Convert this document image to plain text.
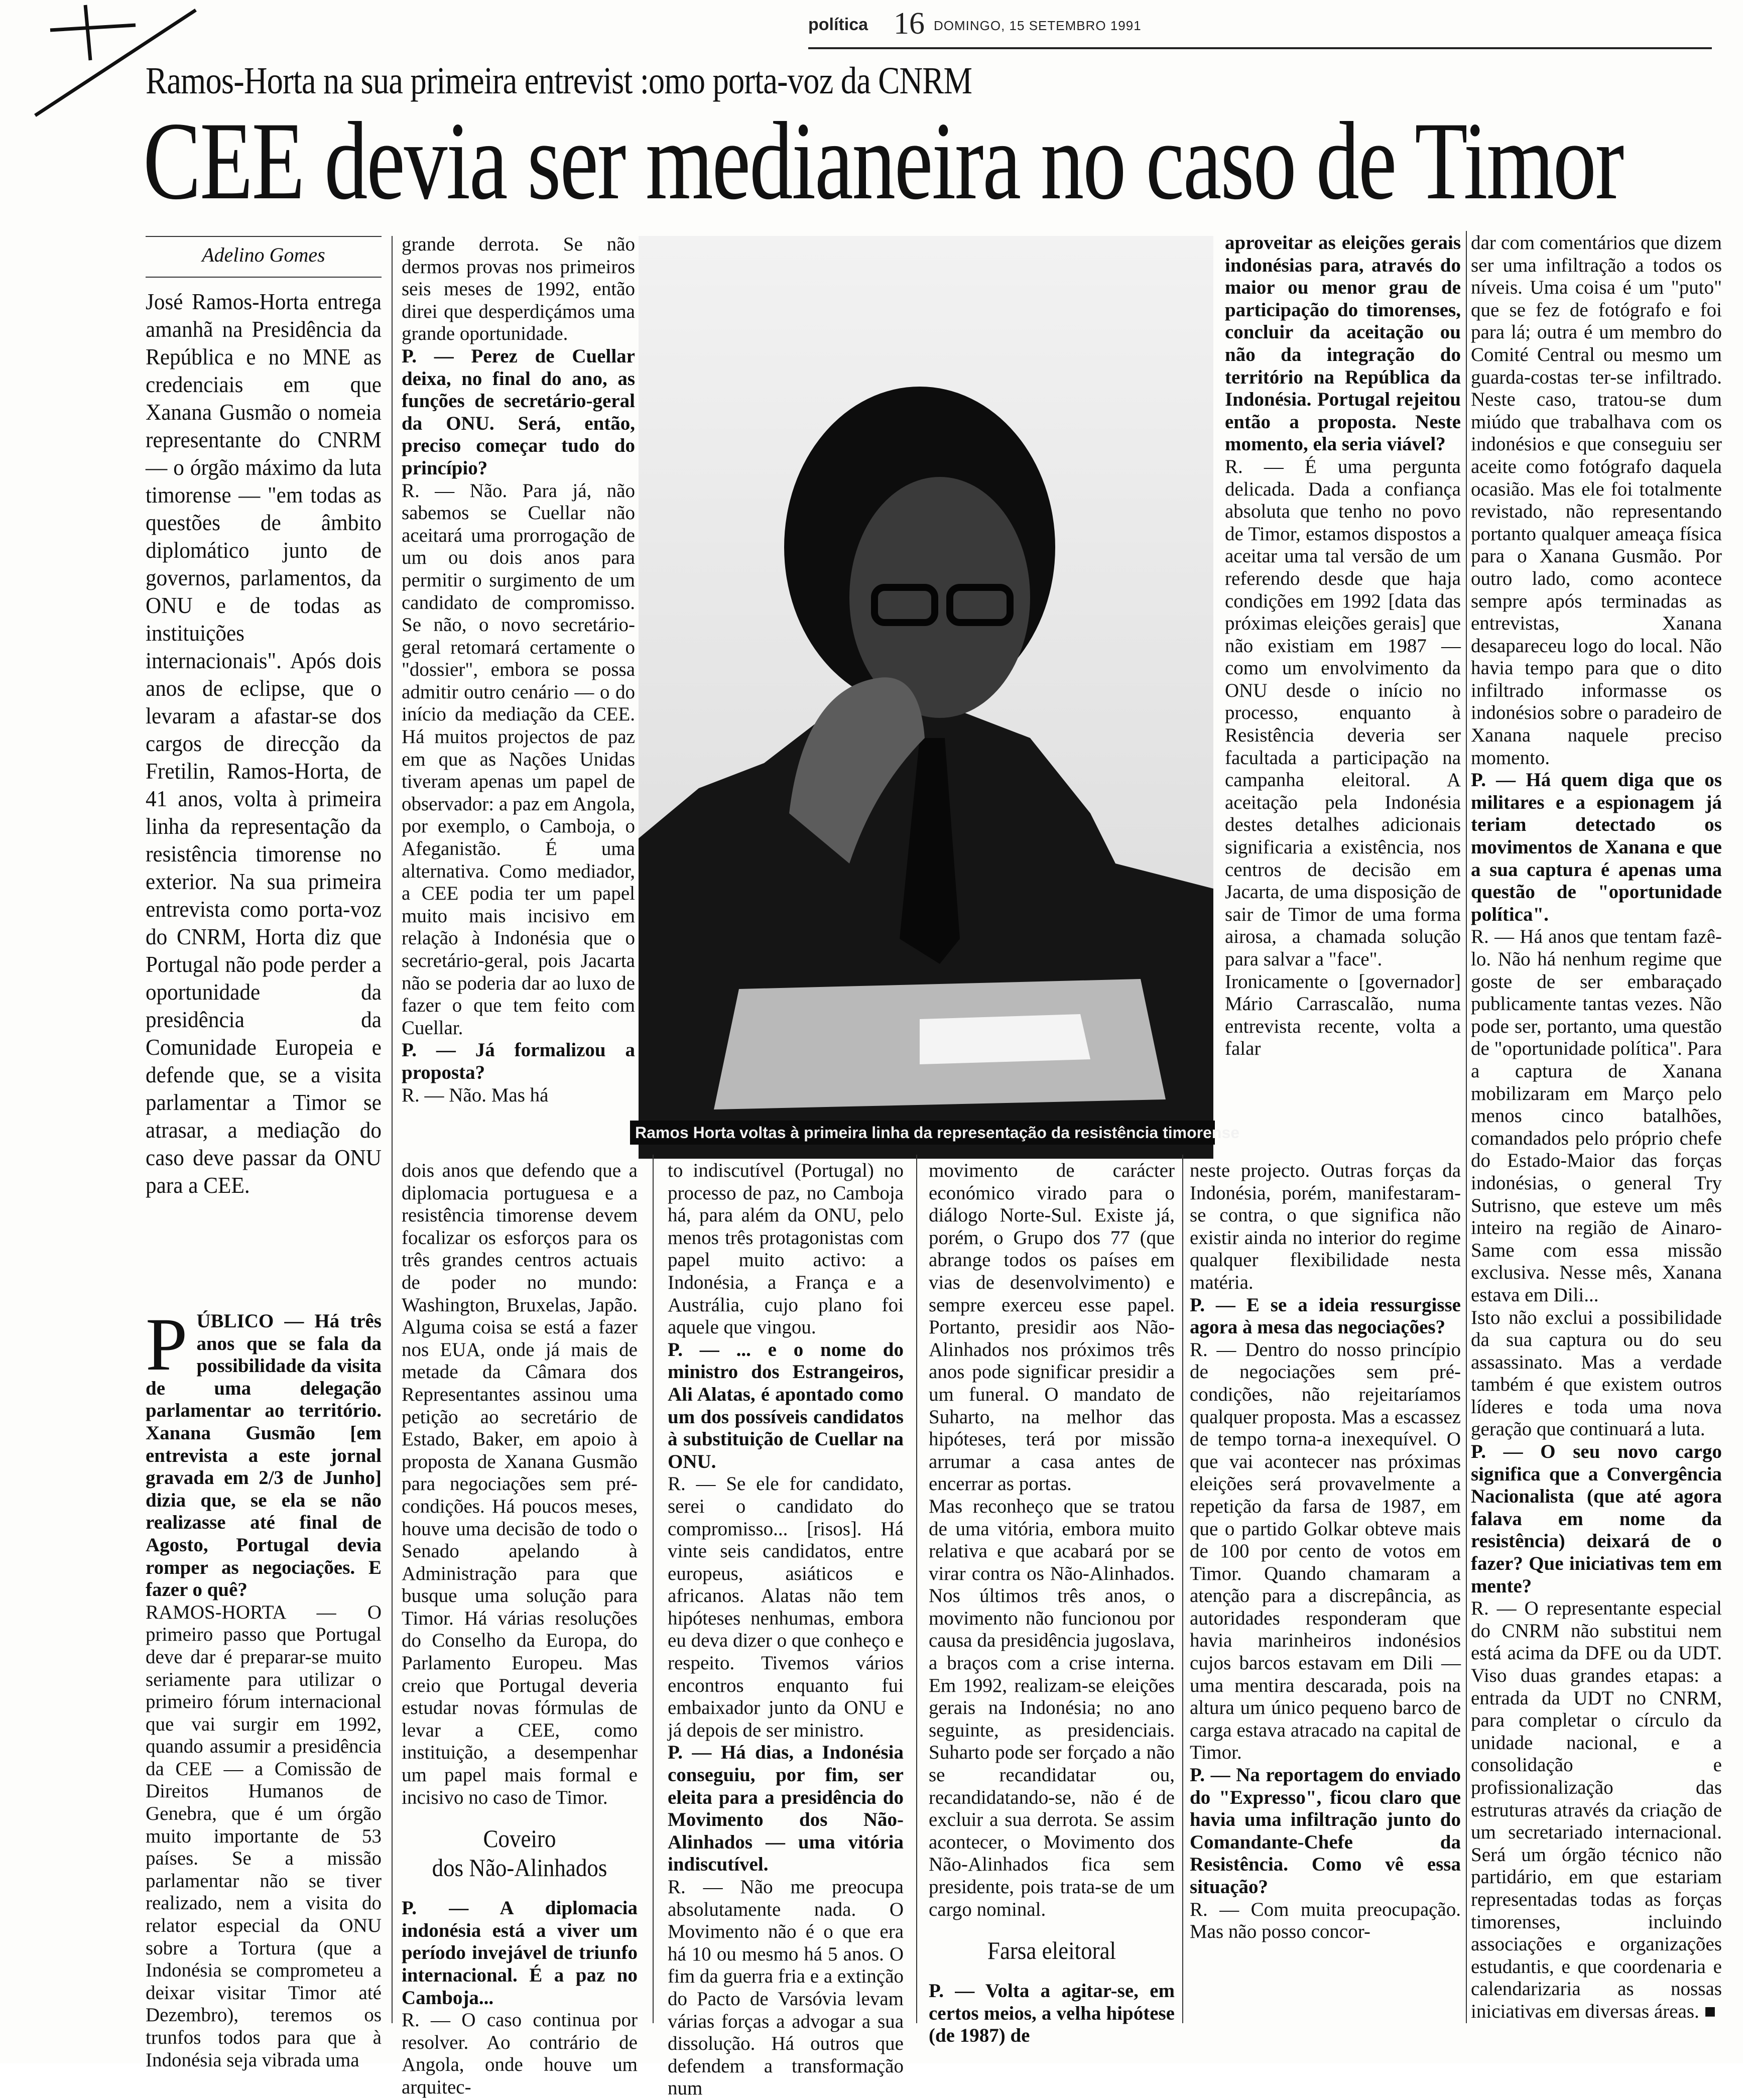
política 16 DOMINGO, 15 SETEMBRO 1991
Ramos-Horta na sua primeira entrevist :omo porta-voz da CNRM
CEE devia ser medianeira no caso de Timor
Adelino Gomes

José Ramos-Horta entrega amanhã na Presidência da República e no MNE as credenciais em que Xanana Gusmão o nomeia representante do CNRM — o órgão máximo da luta timorense — "em todas as questões de âmbito diplomático junto de governos, parlamentos, da ONU e de todas as instituições internacionais". Após dois anos de eclipse, que o levaram a afastar-se dos cargos de direcção da Fretilin, Ramos-Horta, de 41 anos, volta à primeira linha da representação da resistência timorense no exterior. Na sua primeira entrevista como porta-voz do CNRM, Horta diz que Portugal não pode perder a oportunidade da presidência da Comunidade Europeia e defende que, se a visita parlamentar a Timor se atrasar, a mediação do caso deve passar da ONU para a CEE.

grande derrota. Se não dermos provas nos primeiros seis meses de 1992, então direi que desperdiçámos uma grande oportunidade.

P. — Perez de Cuellar deixa, no final do ano, as funções de secretário-geral da ONU. Será, então, preciso começar tudo do princípio?

R. — Não. Para já, não sabemos se Cuellar não aceitará uma prorrogação de um ou dois anos para permitir o surgimento de um candidato de compromisso. Se não, o novo secretário-geral retomará certamente o "dossier", embora se possa admitir outro cenário — o do início da mediação da CEE. Há muitos projectos de paz em que as Nações Unidas tiveram apenas um papel de observador: a paz em Angola, por exemplo, o Camboja, o Afeganistão. É uma alternativa. Como mediador, a CEE podia ter um papel muito mais incisivo em relação à Indonésia que o secretário-geral, pois Jacarta não se poderia dar ao luxo de fazer o que tem feito com Cuellar.

P. — Já formalizou a proposta?

R. — Não. Mas há

Ramos Horta voltas à primeira linha da representação da resistência timorense

aproveitar as eleições gerais indonésias para, através do maior ou menor grau de participação do timorenses, concluir da aceitação ou não da integração do território na República da Indonésia. Portugal rejeitou então a proposta. Neste momento, ela seria viável?

R. — É uma pergunta delicada. Dada a confiança absoluta que tenho no povo de Timor, estamos dispostos a aceitar uma tal versão de um referendo desde que haja condições em 1992 [data das próximas eleições gerais] que não existiam em 1987 — como um envolvimento da ONU desde o início no processo, enquanto à Resistência deveria ser facultada a participação na campanha eleitoral. A aceitação pela Indonésia destes detalhes adicionais significaria a existência, nos centros de decisão em Jacarta, de uma disposição de sair de Timor de uma forma airosa, a chamada solução para salvar a "face".

Ironicamente o [governador] Mário Carrascalão, numa entrevista recente, volta a falar

dar com comentários que dizem ser uma infiltração a todos os níveis. Uma coisa é um "puto" que se fez de fotógrafo e foi para lá; outra é um membro do Comité Central ou mesmo um guarda-costas ter-se infiltrado. Neste caso, tratou-se dum miúdo que trabalhava com os indonésios e que conseguiu ser aceite como fotógrafo daquela ocasião. Mas ele foi totalmente revistado, não representando portanto qualquer ameaça física para o Xanana Gusmão. Por outro lado, como acontece sempre após terminadas as entrevistas, Xanana desapareceu logo do local. Não havia tempo para que o dito infiltrado informasse os indonésios sobre o paradeiro de Xanana naquele preciso momento.

P. — Há quem diga que os militares e a espionagem já teriam detectado os movimentos de Xanana e que a sua captura é apenas uma questão de "oportunidade política".

R. — Há anos que tentam fazê-lo. Não há nenhum regime que goste de ser embaraçado publicamente tantas vezes. Não pode ser, portanto, uma questão de "oportunidade política". Para a captura de Xanana mobilizaram em Março pelo menos cinco batalhões, comandados pelo próprio chefe do Estado-Maior das forças indonésias, o general Try Sutrisno, que esteve um mês inteiro na região de Ainaro-Same com essa missão exclusiva. Nesse mês, Xanana estava em Dili...

Isto não exclui a possibilidade da sua captura ou do seu assassinato. Mas a verdade também é que existem outros líderes e toda uma nova geração que continuará a luta.

P. — O seu novo cargo significa que a Convergência Nacionalista (que até agora falava em nome da resistência) deixará de o fazer? Que iniciativas tem em mente?

R. — O representante especial do CNRM não substitui nem está acima da DFE ou da UDT. Viso duas grandes etapas: a entrada da UDT no CNRM, para completar o círculo da unidade nacional, e a consolidação e profissionalização das estruturas através da criação de um secretariado internacional. Será um órgão técnico não partidário, em que estariam representadas todas as forças timorenses, incluindo associações e organizações estudantis, e que coordenaria e calendarizaria as nossas iniciativas em diversas áreas. ■

P ÚBLICO — Há três anos que se fala da possibilidade da visita de uma delegação parlamentar ao território. Xanana Gusmão [em entrevista a este jornal gravada em 2/3 de Junho] dizia que, se ela se não realizasse até final de Agosto, Portugal devia romper as negociações. E fazer o quê?

RAMOS-HORTA — O primeiro passo que Portugal deve dar é preparar-se muito seriamente para utilizar o primeiro fórum internacional que vai surgir em 1992, quando assumir a presidência da CEE — a Comissão de Direitos Humanos de Genebra, que é um órgão muito importante de 53 países. Se a missão parlamentar não se tiver realizado, nem a visita do relator especial da ONU sobre a Tortura (que a Indonésia se comprometeu a deixar visitar Timor até Dezembro), teremos os trunfos todos para que à Indonésia seja vibrada uma

dois anos que defendo que a diplomacia portuguesa e a resistência timorense devem focalizar os esforços para os três grandes centros actuais de poder no mundo: Washington, Bruxelas, Japão. Alguma coisa se está a fazer nos EUA, onde já mais de metade da Câmara dos Representantes assinou uma petição ao secretário de Estado, Baker, em apoio à proposta de Xanana Gusmão para negociações sem pré-condições. Há poucos meses, houve uma decisão de todo o Senado apelando à Administração para que busque uma solução para Timor. Há várias resoluções do Conselho da Europa, do Parlamento Europeu. Mas creio que Portugal deveria estudar novas fórmulas de levar a CEE, como instituição, a desempenhar um papel mais formal e incisivo no caso de Timor.

Coveiro
dos Não-Alinhados

P. — A diplomacia indonésia está a viver um período invejável de triunfo internacional. É a paz no Camboja...

R. — O caso continua por resolver. Ao contrário de Angola, onde houve um arquitec-

to indiscutível (Portugal) no processo de paz, no Camboja há, para além da ONU, pelo menos três protagonistas com papel muito activo: a Indonésia, a França e a Austrália, cujo plano foi aquele que vingou.

P. — ... e o nome do ministro dos Estrangeiros, Ali Alatas, é apontado como um dos possíveis candidatos à substituição de Cuellar na ONU.

R. — Se ele for candidato, serei o candidato do compromisso... [risos]. Há vinte seis candidatos, entre europeus, asiáticos e africanos. Alatas não tem hipóteses nenhumas, embora eu deva dizer o que conheço e respeito. Tivemos vários encontros enquanto fui embaixador junto da ONU e já depois de ser ministro.

P. — Há dias, a Indonésia conseguiu, por fim, ser eleita para a presidência do Movimento dos Não-Alinhados — uma vitória indiscutível.

R. — Não me preocupa absolutamente nada. O Movimento não é o que era há 10 ou mesmo há 5 anos. O fim da guerra fria e a extinção do Pacto de Varsóvia levam várias forças a advogar a sua dissolução. Há outros que defendem a transformação num

movimento de carácter económico virado para o diálogo Norte-Sul. Existe já, porém, o Grupo dos 77 (que abrange todos os países em vias de desenvolvimento) e sempre exerceu esse papel. Portanto, presidir aos Não-Alinhados nos próximos três anos pode significar presidir a um funeral. O mandato de Suharto, na melhor das hipóteses, terá por missão arrumar a casa antes de encerrar as portas.

Mas reconheço que se tratou de uma vitória, embora muito relativa e que acabará por se virar contra os Não-Alinhados. Nos últimos três anos, o movimento não funcionou por causa da presidência jugoslava, a braços com a crise interna. Em 1992, realizam-se eleições gerais na Indonésia; no ano seguinte, as presidenciais. Suharto pode ser forçado a não se recandidatar ou, recandidatando-se, não é de excluir a sua derrota. Se assim acontecer, o Movimento dos Não-Alinhados fica sem presidente, pois trata-se de um cargo nominal.

Farsa eleitoral

P. — Volta a agitar-se, em certos meios, a velha hipótese (de 1987) de

neste projecto. Outras forças da Indonésia, porém, manifestaram-se contra, o que significa não existir ainda no interior do regime qualquer flexibilidade nesta matéria.

P. — E se a ideia ressurgisse agora à mesa das negociações?

R. — Dentro do nosso princípio de negociações sem pré-condições, não rejeitaríamos qualquer proposta. Mas a escassez de tempo torna-a inexequível. O que vai acontecer nas próximas eleições será provavelmente a repetição da farsa de 1987, em que o partido Golkar obteve mais de 100 por cento de votos em Timor. Quando chamaram a atenção para a discrepância, as autoridades responderam que havia marinheiros indonésios cujos barcos estavam em Dili — uma mentira descarada, pois na altura um único pequeno barco de carga estava atracado na capital de Timor.

P. — Na reportagem do enviado do "Expresso", ficou claro que havia uma infiltração junto do Comandante-Chefe da Resistência. Como vê essa situação?

R. — Com muita preocupação. Mas não posso concor-
